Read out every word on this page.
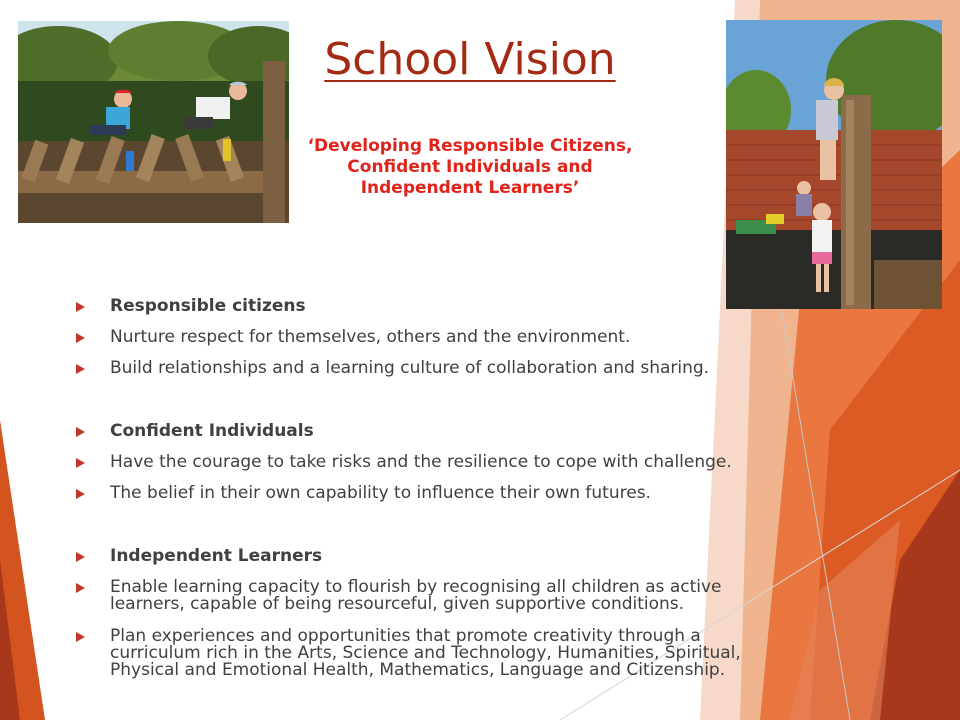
School Vision
‘Developing Responsible Citizens,
Confident Individuals and
Independent Learners’
Responsible citizens
Nurture respect for themselves, others and the environment.
Build relationships and a learning culture of collaboration and sharing.
Confident Individuals
Have the courage to take risks and the resilience to cope with challenge.
The belief in their own capability to influence their own futures.
Independent Learners
Enable learning capacity to flourish by recognising all children as active learners, capable of being resourceful, given supportive conditions.
Plan experiences and opportunities that promote creativity through a curriculum rich in the Arts, Science and Technology, Humanities, Spiritual, Physical and Emotional Health, Mathematics, Language and Citizenship.
